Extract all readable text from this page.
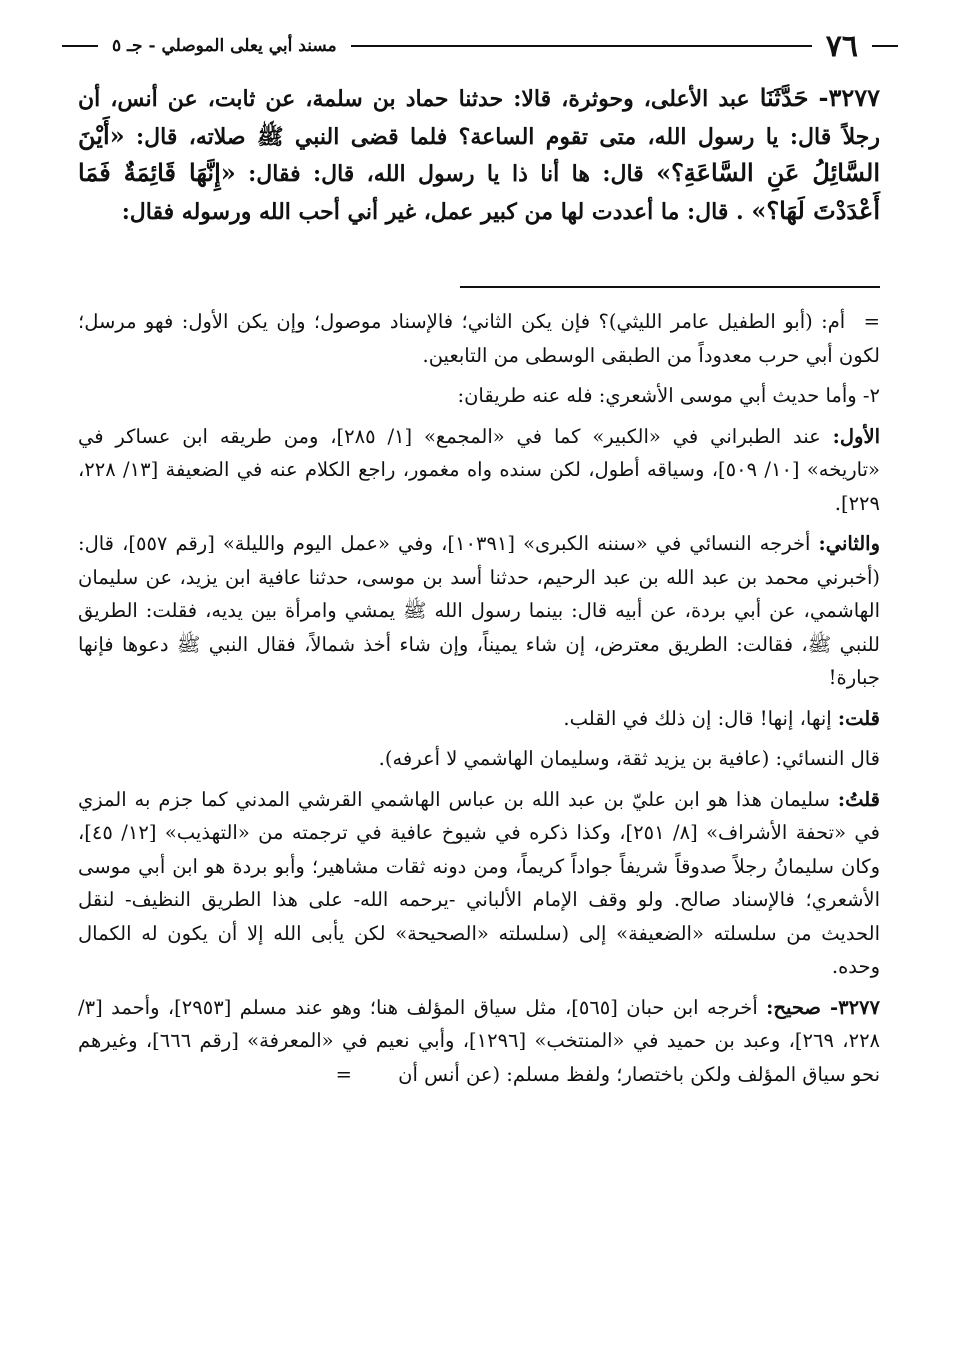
٧٦
مسند أبي يعلى الموصلي - جـ ٥
٣٢٧٧- حَدَّثَنَا عبد الأعلى، وحوثرة، قالا: حدثنا حماد بن سلمة، عن ثابت، عن أنس، أن رجلاً قال: يا رسول الله، متى تقوم الساعة؟ فلما قضى النبي ﷺ صلاته، قال: «أَيْنَ السَّائِلُ عَنِ السَّاعَةِ؟» قال: ها أنا ذا يا رسول الله، قال: فقال: «إِنَّهَا قَائِمَةٌ فَمَا أَعْدَدْتَ لَهَا؟» . قال: ما أعددت لها من كبير عمل، غير أني أحب الله ورسوله فقال:

= أم: (أبو الطفيل عامر الليثي)؟ فإن يكن الثاني؛ فالإسناد موصول؛ وإن يكن الأول: فهو مرسل؛ لكون أبي حرب معدوداً من الطبقى الوسطى من التابعين.

٢- وأما حديث أبي موسى الأشعري: فله عنه طريقان:

الأول: عند الطبراني في «الكبير» كما في «المجمع» [١/ ٢٨٥]، ومن طريقه ابن عساكر في «تاريخه» [١٠/ ٥٠٩]، وسياقه أطول، لكن سنده واه مغمور، راجع الكلام عنه في الضعيفة [١٣/ ٢٢٨، ٢٢٩].

والثاني: أخرجه النسائي في «سننه الكبرى» [١٠٣٩١]، وفي «عمل اليوم والليلة» [رقم ٥٥٧]، قال: (أخبرني محمد بن عبد الله بن عبد الرحيم، حدثنا أسد بن موسى، حدثنا عافية ابن يزيد، عن سليمان الهاشمي، عن أبي بردة، عن أبيه قال: بينما رسول الله ﷺ يمشي وامرأة بين يديه، فقلت: الطريق للنبي ﷺ، فقالت: الطريق معترض، إن شاء يميناً، وإن شاء أخذ شمالاً، فقال النبي ﷺ دعوها فإنها جبارة!

قلت: إنها، إنها! قال: إن ذلك في القلب.

قال النسائي: (عافية بن يزيد ثقة، وسليمان الهاشمي لا أعرفه).

قلتُ: سليمان هذا هو ابن عليّ بن عبد الله بن عباس الهاشمي القرشي المدني كما جزم به المزي في «تحفة الأشراف» [٨/ ٢٥١]، وكذا ذكره في شيوخ عافية في ترجمته من «التهذيب» [١٢/ ٤٥]، وكان سليمانُ رجلاً صدوقاً شريفاً جواداً كريماً، ومن دونه ثقات مشاهير؛ وأبو بردة هو ابن أبي موسى الأشعري؛ فالإسناد صالح. ولو وقف الإمام الألباني -يرحمه الله- على هذا الطريق النظيف- لنقل الحديث من سلسلته «الضعيفة» إلى (سلسلته «الصحيحة» لكن يأبى الله إلا أن يكون له الكمال وحده.

٣٢٧٧- صحيح: أخرجه ابن حبان [٥٦٥]، مثل سياق المؤلف هنا؛ وهو عند مسلم [٢٩٥٣]، وأحمد [٣/ ٢٢٨، ٢٦٩]، وعبد بن حميد في «المنتخب» [١٢٩٦]، وأبي نعيم في «المعرفة» [رقم ٦٦٦]، وغيرهم نحو سياق المؤلف ولكن باختصار؛ ولفظ مسلم: (عن أنس أن =
